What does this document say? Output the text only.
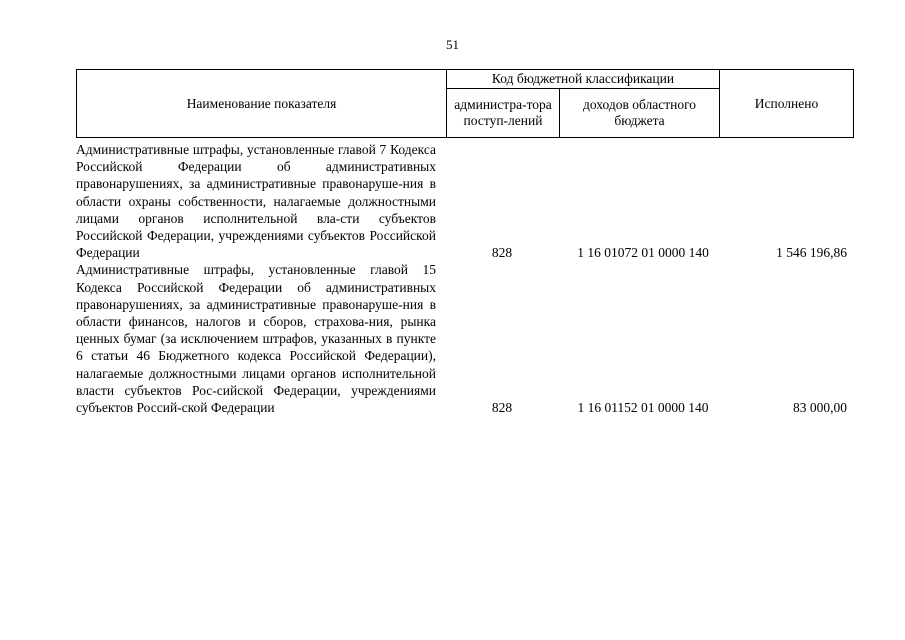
51
Наименование показателя	Код бюджетной классификации		Исполнено
	администра-тора поступ-лений	доходов областного бюджета	
Административные штрафы, установленные главой 7 Кодекса Российской Федерации об административных правонарушениях, за административные правонаруше-ния в области охраны собственности, налагаемые должностными лицами органов исполнительной вла-сти субъектов Российской Федерации, учреждениями субъектов Российской Федерации	828	1 16 01072 01 0000 140	1 546 196,86
Административные штрафы, установленные главой 15 Кодекса Российской Федерации об административных правонарушениях, за административные правонаруше-ния в области финансов, налогов и сборов, страхова-ния, рынка ценных бумаг (за исключением штрафов, указанных в пункте 6 статьи 46 Бюджетного кодекса Российской Федерации), налагаемые должностными лицами органов исполнительной власти субъектов Рос-сийской Федерации, учреждениями субъектов Россий-ской Федерации	828	1 16 01152 01 0000 140	83 000,00
